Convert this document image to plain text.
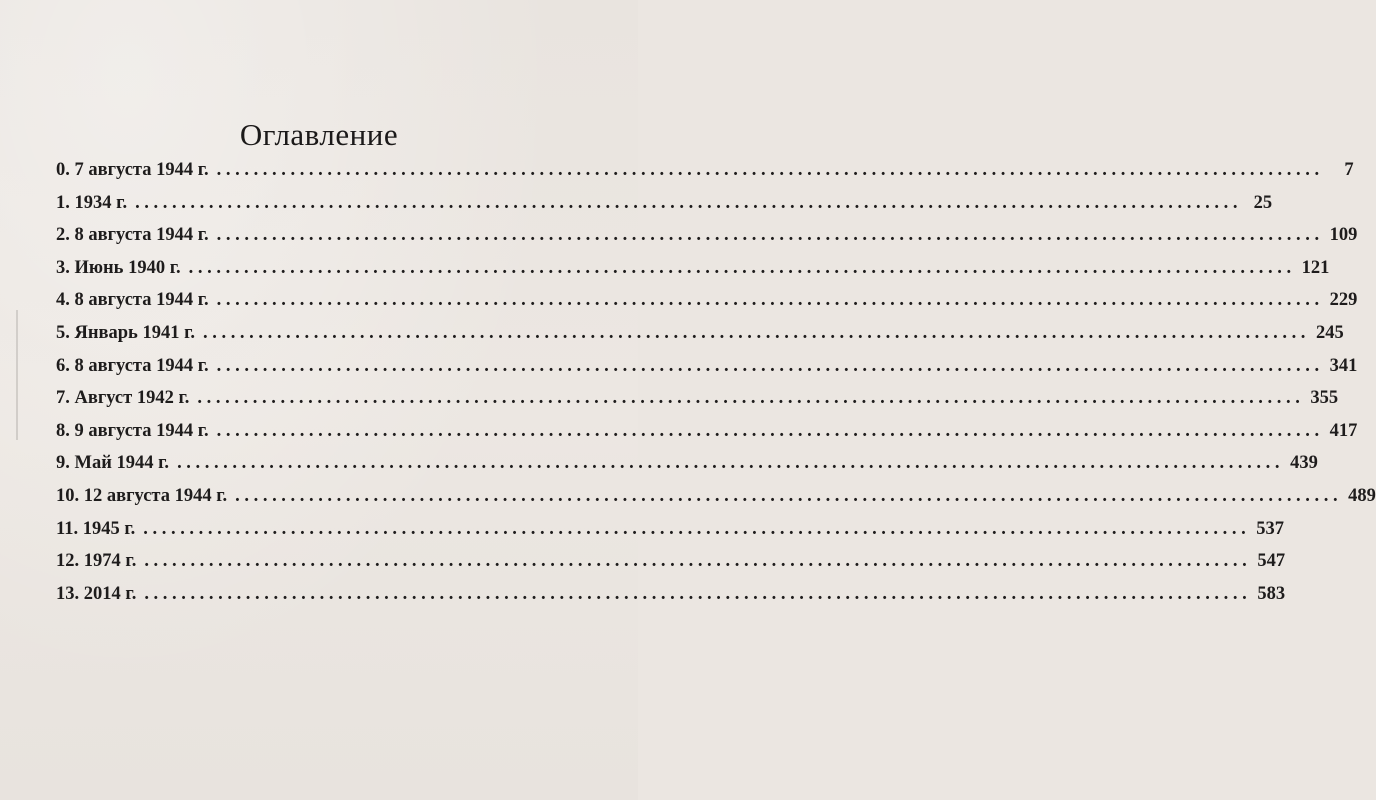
Оглавление
0. 7 августа 1944 г. ........................................................................................................................	7
1. 1934 г. ........................................................................................................................ 25
2. 8 августа 1944 г. ........................................................................................................................ 109
3. Июнь 1940 г. ........................................................................................................................ 121
4. 8 августа 1944 г. ........................................................................................................................ 229
5. Январь 1941 г. ........................................................................................................................ 245
6. 8 августа 1944 г. ........................................................................................................................ 341
7. Август 1942 г. ........................................................................................................................ 355
8. 9 августа 1944 г. ........................................................................................................................ 417
9. Май 1944 г. ........................................................................................................................ 439
10. 12 августа 1944 г. ........................................................................................................................ 489
11. 1945 г. ........................................................................................................................ 537
12. 1974 г. ........................................................................................................................ 547
13. 2014 г. ........................................................................................................................ 583
